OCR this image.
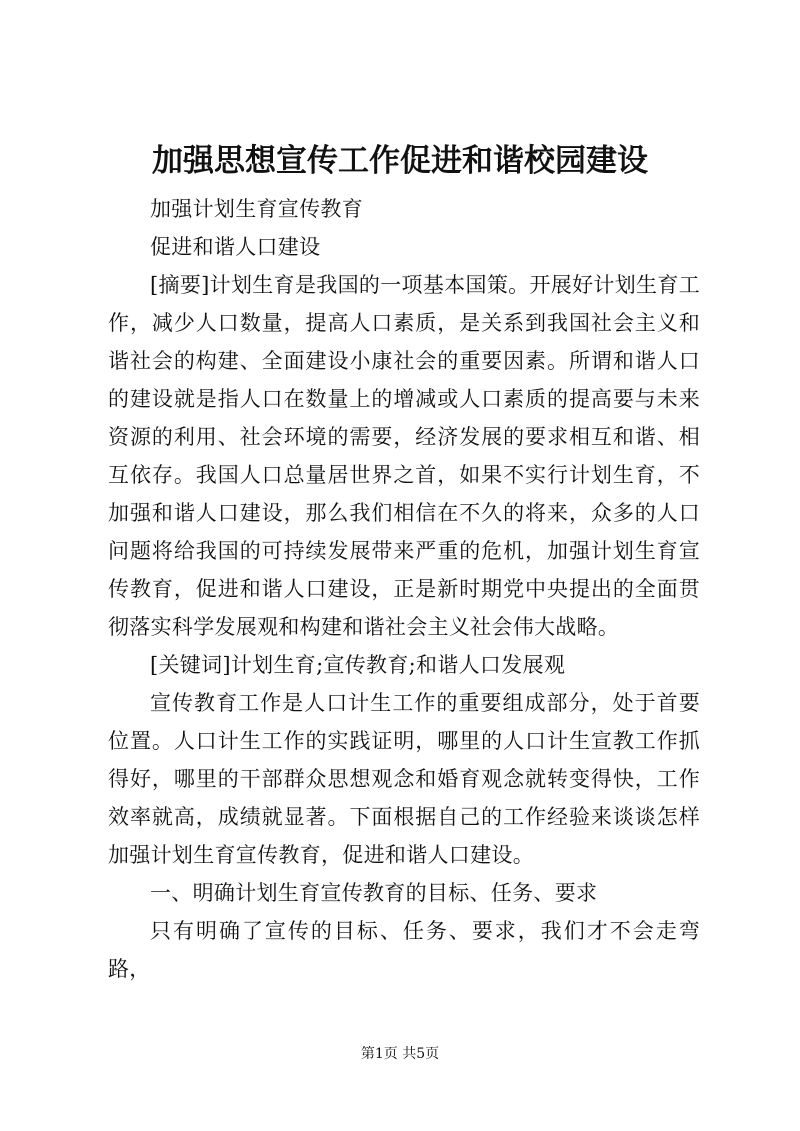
加强思想宣传工作促进和谐校园建设

加强计划生育宣传教育

促进和谐人口建设

[摘要]计划生育是我国的一项基本国策。开展好计划生育工作，减少人口数量，提高人口素质，是关系到我国社会主义和谐社会的构建、全面建设小康社会的重要因素。所谓和谐人口的建设就是指人口在数量上的增减或人口素质的提高要与未来资源的利用、社会环境的需要，经济发展的要求相互和谐、相互依存。我国人口总量居世界之首，如果不实行计划生育，不加强和谐人口建设，那么我们相信在不久的将来，众多的人口问题将给我国的可持续发展带来严重的危机，加强计划生育宣传教育，促进和谐人口建设，正是新时期党中央提出的全面贯彻落实科学发展观和构建和谐社会主义社会伟大战略。

[关键词]计划生育;宣传教育;和谐人口发展观

宣传教育工作是人口计生工作的重要组成部分，处于首要位置。人口计生工作的实践证明，哪里的人口计生宣教工作抓得好，哪里的干部群众思想观念和婚育观念就转变得快，工作效率就高，成绩就显著。下面根据自己的工作经验来谈谈怎样加强计划生育宣传教育，促进和谐人口建设。

一、明确计划生育宣传教育的目标、任务、要求

只有明确了宣传的目标、任务、要求，我们才不会走弯路，

第1页 共5页
